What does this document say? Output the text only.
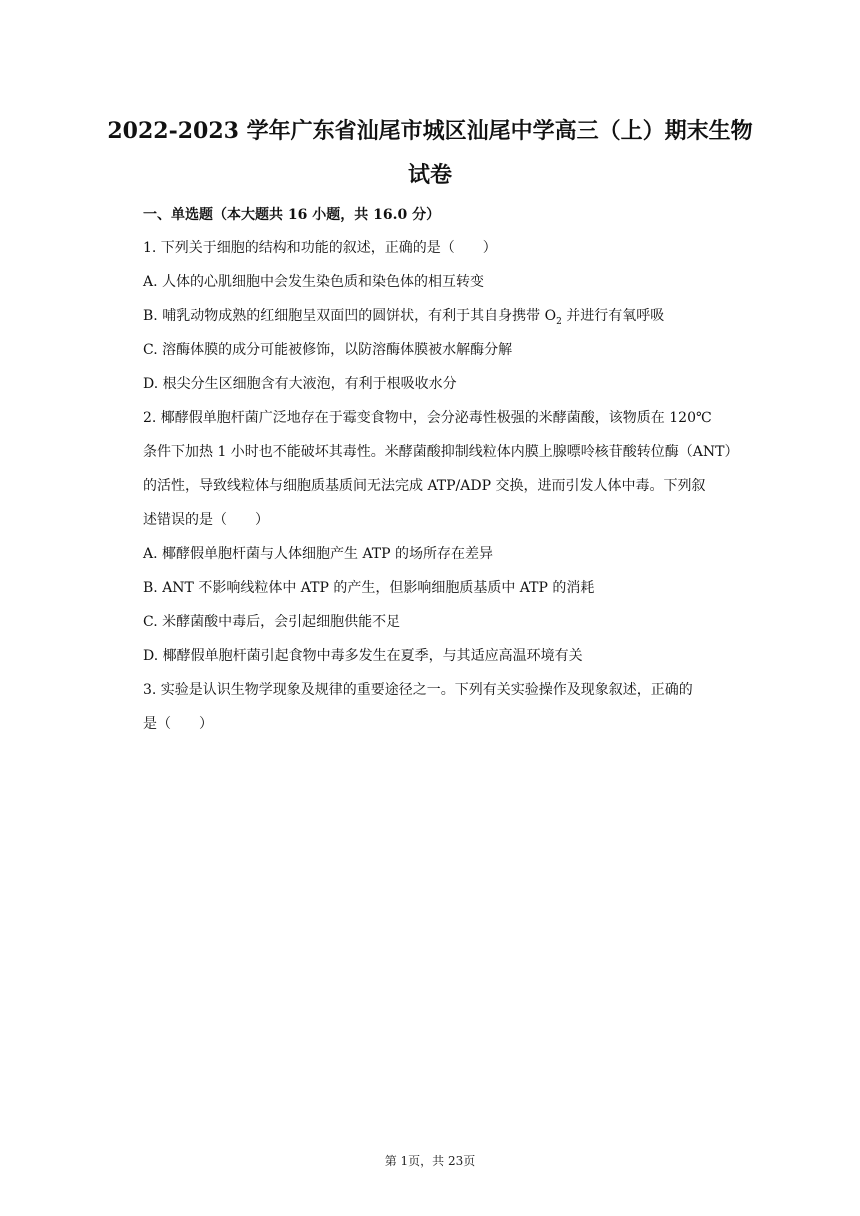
2022-2023 学年广东省汕尾市城区汕尾中学高三（上）期末生物
试卷
一、单选题（本大题共 16 小题，共 16.0 分）
1. 下列关于细胞的结构和功能的叙述，正确的是（　　）
A. 人体的心肌细胞中会发生染色质和染色体的相互转变
B. 哺乳动物成熟的红细胞呈双面凹的圆饼状，有利于其自身携带 $O_2$ 并进行有氧呼吸
C. 溶酶体膜的成分可能被修饰，以防溶酶体膜被水解酶分解
D. 根尖分生区细胞含有大液泡，有利于根吸收水分
2. 椰酵假单胞杆菌广泛地存在于霉变食物中，会分泌毒性极强的米酵菌酸，该物质在 120℃
条件下加热 1 小时也不能破坏其毒性。米酵菌酸抑制线粒体内膜上腺嘌呤核苷酸转位酶（ANT）
的活性，导致线粒体与细胞质基质间无法完成 ATP/ADP 交换，进而引发人体中毒。下列叙
述错误的是（　　）
A. 椰酵假单胞杆菌与人体细胞产生 ATP 的场所存在差异
B. ANT 不影响线粒体中 ATP 的产生，但影响细胞质基质中 ATP 的消耗
C. 米酵菌酸中毒后，会引起细胞供能不足
D. 椰酵假单胞杆菌引起食物中毒多发生在夏季，与其适应高温环境有关
3. 实验是认识生物学现象及规律的重要途径之一。下列有关实验操作及现象叙述，正确的
是（　　）
第 1页，共 23页
